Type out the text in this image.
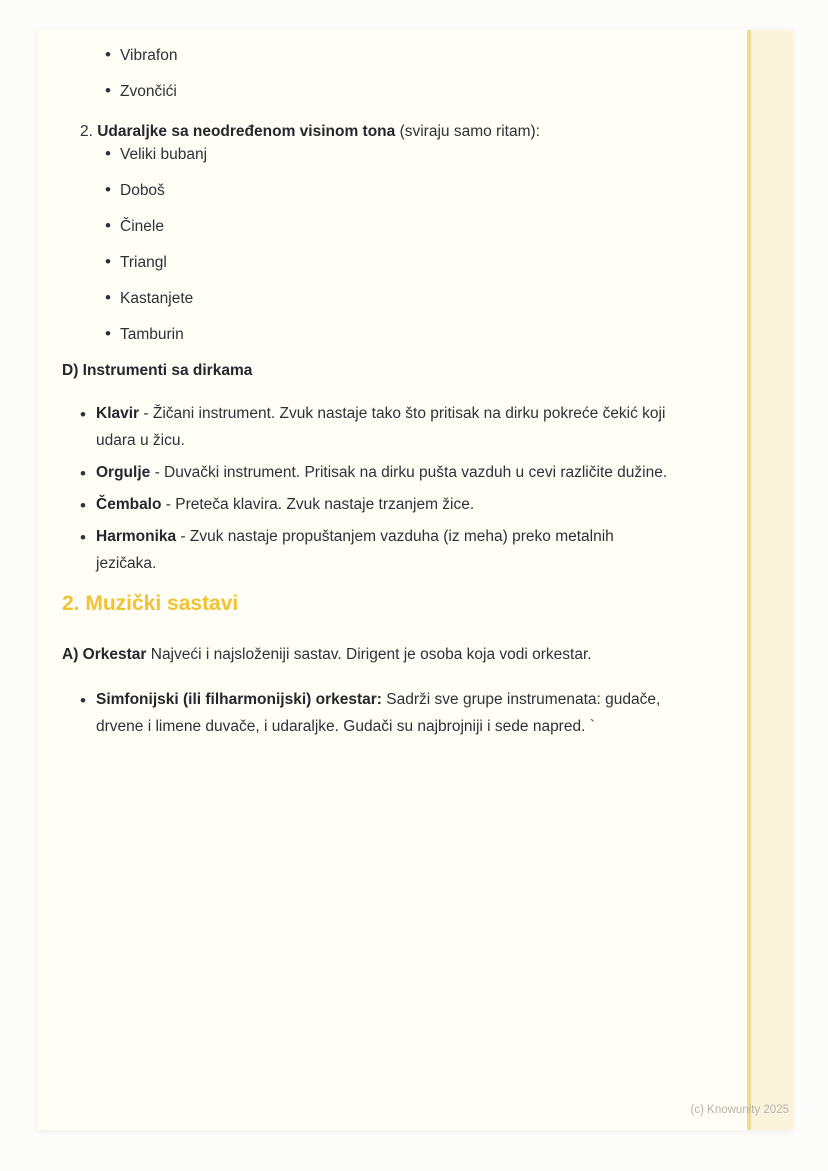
• Vibrafon
• Zvončići
2. Udaraljke sa neodređenom visinom tona (sviraju samo ritam):
• Veliki bubanj
• Doboš
• Činele
• Triangl
• Kastanjete
• Tamburin
D) Instrumenti sa dirkama
• Klavir - Žičani instrument. Zvuk nastaje tako što pritisak na dirku pokreće čekić koji udara u žicu.
• Orgulje - Duvački instrument. Pritisak na dirku pušta vazduh u cevi različite dužine.
• Čembalo - Preteča klavira. Zvuk nastaje trzanjem žice.
• Harmonika - Zvuk nastaje propuštanjem vazduha (iz meha) preko metalnih jezičaka.
2. Muzički sastavi

A) Orkestar Najveći i najsloženiji sastav. Dirigent je osoba koja vodi orkestar.

• Simfonijski (ili filharmonijski) orkestar: Sadrži sve grupe instrumenata: gudače, drvene i limene duvače, i udaraljke. Gudači su najbrojniji i sede napred. `
(c) Knowunity 2025
